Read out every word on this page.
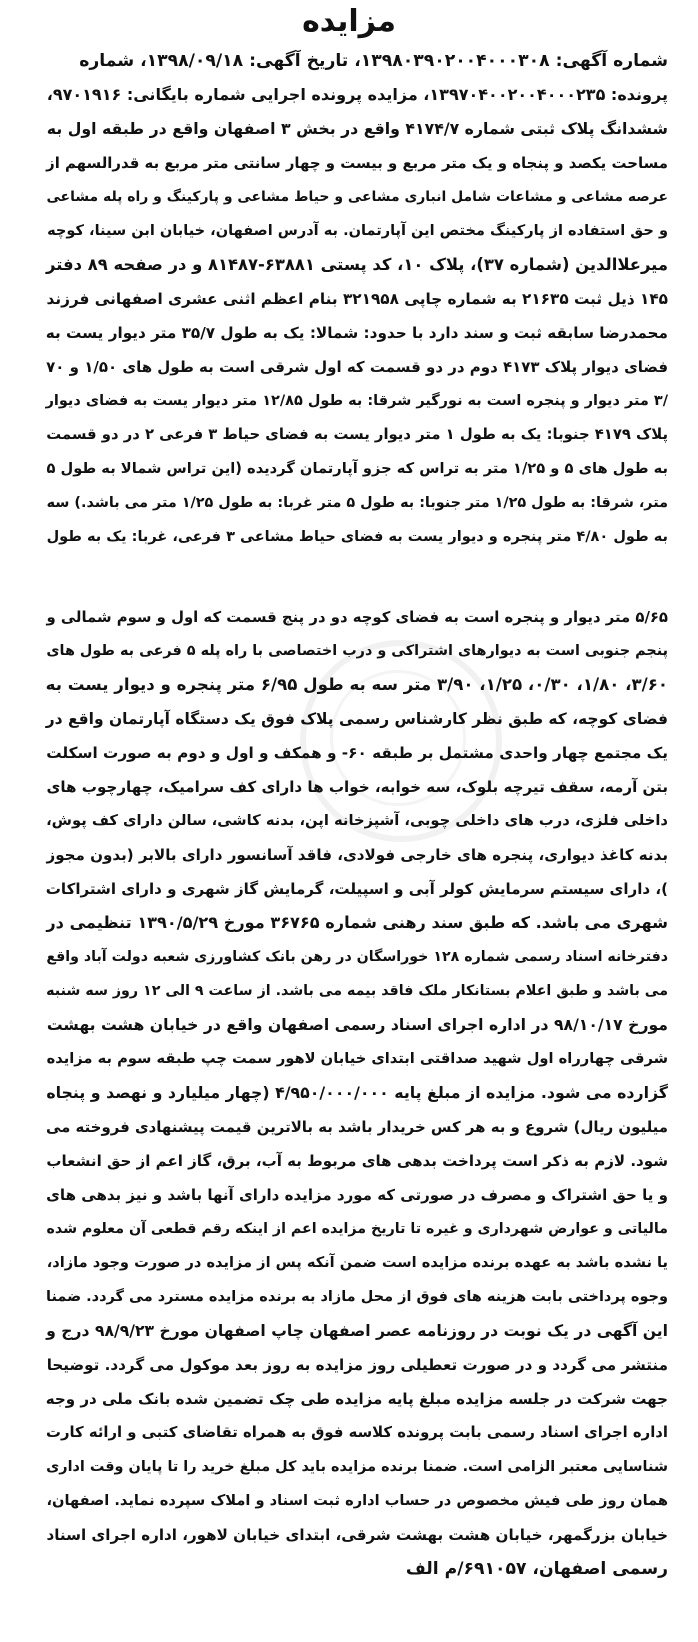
مزایده
شماره آگهی: ۱۳۹۸۰۳۹۰۲۰۰۴۰۰۰۳۰۸، تاریخ آگهی: ۱۳۹۸/۰۹/۱۸، شماره
پرونده: ۱۳۹۷۰۴۰۰۲۰۰۴۰۰۰۲۳۵، مزایده پرونده اجرایی شماره بایگانی: ۹۷۰۱۹۱۶،
ششدانگ پلاک ثبتی شماره ۴۱۷۴/۷ واقع در بخش ۳ اصفهان واقع در طبقه اول به
مساحت یکصد و پنجاه و یک متر مربع و بیست و چهار سانتی متر مربع به قدرالسهم از
عرصه مشاعی و مشاعات شامل انباری مشاعی و حیاط مشاعی و پارکینگ و راه پله مشاعی
و حق استفاده از پارکینگ مختص این آپارتمان. به آدرس اصفهان، خیابان ابن سینا، کوچه
میرعلاالدین (شماره ۳۷)، پلاک ۱۰، کد پستی ۶۳۸۸۱-۸۱۴۸۷ و در صفحه ۸۹ دفتر
۱۴۵ ذیل ثبت ۲۱۶۳۵ به شماره چاپی ۳۲۱۹۵۸ بنام اعظم اثنی عشری اصفهانی فرزند
محمدرضا سابقه ثبت و سند دارد با حدود: شمالا: یک به طول ۳۵/۷ متر دیوار یست به
فضای دیوار پلاک ۴۱۷۳ دوم در دو قسمت که اول شرقی است به طول های ۱/۵۰ و ۷۰
/۳ متر دیوار و پنجره است به نورگیر شرقا: به طول ۱۲/۸۵ متر دیوار یست به فضای دیوار
پلاک ۴۱۷۹ جنوبا: یک به طول ۱ متر دیوار یست به فضای حیاط ۳ فرعی ۲ در دو قسمت
به طول های ۵ و ۱/۲۵ متر به تراس که جزو آپارتمان گردیده (این تراس شمالا به طول ۵
متر، شرقا: به طول ۱/۲۵ متر جنوبا: به طول ۵ متر غربا: به طول ۱/۲۵ متر می باشد.) سه
به طول ۴/۸۰ متر پنجره و دیوار یست به فضای حیاط مشاعی ۳ فرعی، غربا: یک به طول
۵/۶۵ متر دیوار و پنجره است به فضای کوچه دو در پنج قسمت که اول و سوم شمالی و
پنجم جنوبی است به دیوارهای اشتراکی و درب اختصاصی با راه پله ۵ فرعی به طول های
۳/۶۰، ۱/۸۰، ۰/۳۰، ۱/۲۵، ۳/۹۰ متر سه به طول ۶/۹۵ متر پنجره و دیوار یست به
فضای کوچه، که طبق نظر کارشناس رسمی پلاک فوق یک دستگاه آپارتمان واقع در
یک مجتمع چهار واحدی مشتمل بر طبقه ۶۰- و همکف و اول و دوم به صورت اسکلت
بتن آرمه، سقف تیرچه بلوک، سه خوابه، خواب ها دارای کف سرامیک، چهارچوب های
داخلی فلزی، درب های داخلی چوبی، آشپزخانه اپن، بدنه کاشی، سالن دارای کف پوش،
بدنه کاغذ دیواری، پنجره های خارجی فولادی، فاقد آسانسور دارای بالابر (بدون مجوز
)، دارای سیستم سرمایش کولر آبی و اسپیلت، گرمایش گاز شهری و دارای اشتراکات
شهری می باشد. که طبق سند رهنی شماره ۳۶۷۶۵ مورخ ۱۳۹۰/۵/۲۹ تنظیمی در
دفترخانه اسناد رسمی شماره ۱۲۸ خوراسگان در رهن بانک کشاورزی شعبه دولت آباد واقع
می باشد و طبق اعلام بستانکار ملک فاقد بیمه می باشد. از ساعت ۹ الی ۱۲ روز سه شنبه
مورخ ۹۸/۱۰/۱۷ در اداره اجرای اسناد رسمی اصفهان واقع در خیابان هشت بهشت
شرقی چهارراه اول شهید صداقتی ابتدای خیابان لاهور سمت چپ طبقه سوم به مزایده
گزارده می شود. مزایده از مبلغ پایه ۴/۹۵۰/۰۰۰/۰۰۰ (چهار میلیارد و نهصد و پنجاه
میلیون ریال) شروع و به هر کس خریدار باشد به بالاترین قیمت پیشنهادی فروخته می
شود. لازم به ذکر است پرداخت بدهی های مربوط به آب، برق، گاز اعم از حق انشعاب
و یا حق اشتراک و مصرف در صورتی که مورد مزایده دارای آنها باشد و نیز بدهی های
مالیاتی و عوارض شهرداری و غیره تا تاریخ مزایده اعم از اینکه رقم قطعی آن معلوم شده
یا نشده باشد به عهده برنده مزایده است ضمن آنکه پس از مزایده در صورت وجود مازاد،
وجوه پرداختی بابت هزینه های فوق از محل مازاد به برنده مزایده مسترد می گردد. ضمنا
این آگهی در یک نوبت در روزنامه عصر اصفهان چاپ اصفهان مورخ ۹۸/۹/۲۳ درج و
منتشر می گردد و در صورت تعطیلی روز مزایده به روز بعد موکول می گردد. توضیحا
جهت شرکت در جلسه مزایده مبلغ پایه مزایده طی چک تضمین شده بانک ملی در وجه
اداره اجرای اسناد رسمی بابت پرونده کلاسه فوق به همراه تقاضای کتبی و ارائه کارت
شناسایی معتبر الزامی است. ضمنا برنده مزایده باید کل مبلغ خرید را تا پایان وقت اداری
همان روز طی فیش مخصوص در حساب اداره ثبت اسناد و املاک سپرده نماید. اصفهان،
خیابان بزرگمهر، خیابان هشت بهشت شرقی، ابتدای خیابان لاهور، اداره اجرای اسناد
رسمی اصفهان، ۶۹۱۰۵۷/م الف
